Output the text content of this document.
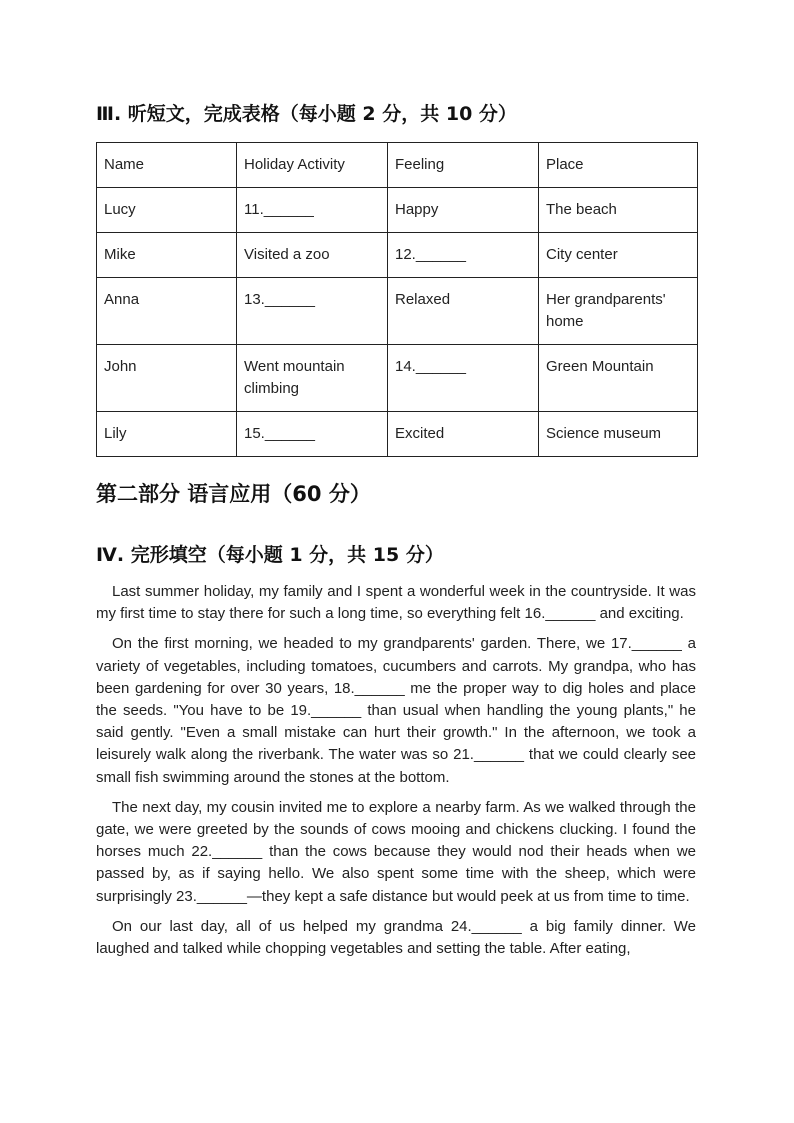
Ⅲ. 听短文，完成表格（每小题 2 分，共 10 分）
Name	Holiday Activity	Feeling	Place
Lucy	11.______	Happy	The beach
Mike	Visited a zoo	12.______	City center
Anna	13.______	Relaxed	Her grandparents' home
John	Went mountain climbing	14.______	Green Mountain
Lily	15.______	Excited	Science museum
第二部分 语言应用（60 分）
Ⅳ. 完形填空（每小题 1 分，共 15 分）

Last summer holiday, my family and I spent a wonderful week in the countryside. It was my first time to stay there for such a long time, so everything felt 16.______ and exciting.

On the first morning, we headed to my grandparents' garden. There, we 17.______ a variety of vegetables, including tomatoes, cucumbers and carrots. My grandpa, who has been gardening for over 30 years, 18.______ me the proper way to dig holes and place the seeds. "You have to be 19.______ than usual when handling the young plants," he said gently. "Even a small mistake can hurt their growth." In the afternoon, we took a leisurely walk along the riverbank. The water was so 21.______ that we could clearly see small fish swimming around the stones at the bottom.

The next day, my cousin invited me to explore a nearby farm. As we walked through the gate, we were greeted by the sounds of cows mooing and chickens clucking. I found the horses much 22.______ than the cows because they would nod their heads when we passed by, as if saying hello. We also spent some time with the sheep, which were surprisingly 23.______—they kept a safe distance but would peek at us from time to time.

On our last day, all of us helped my grandma 24.______ a big family dinner. We laughed and talked while chopping vegetables and setting the table. After eating,
